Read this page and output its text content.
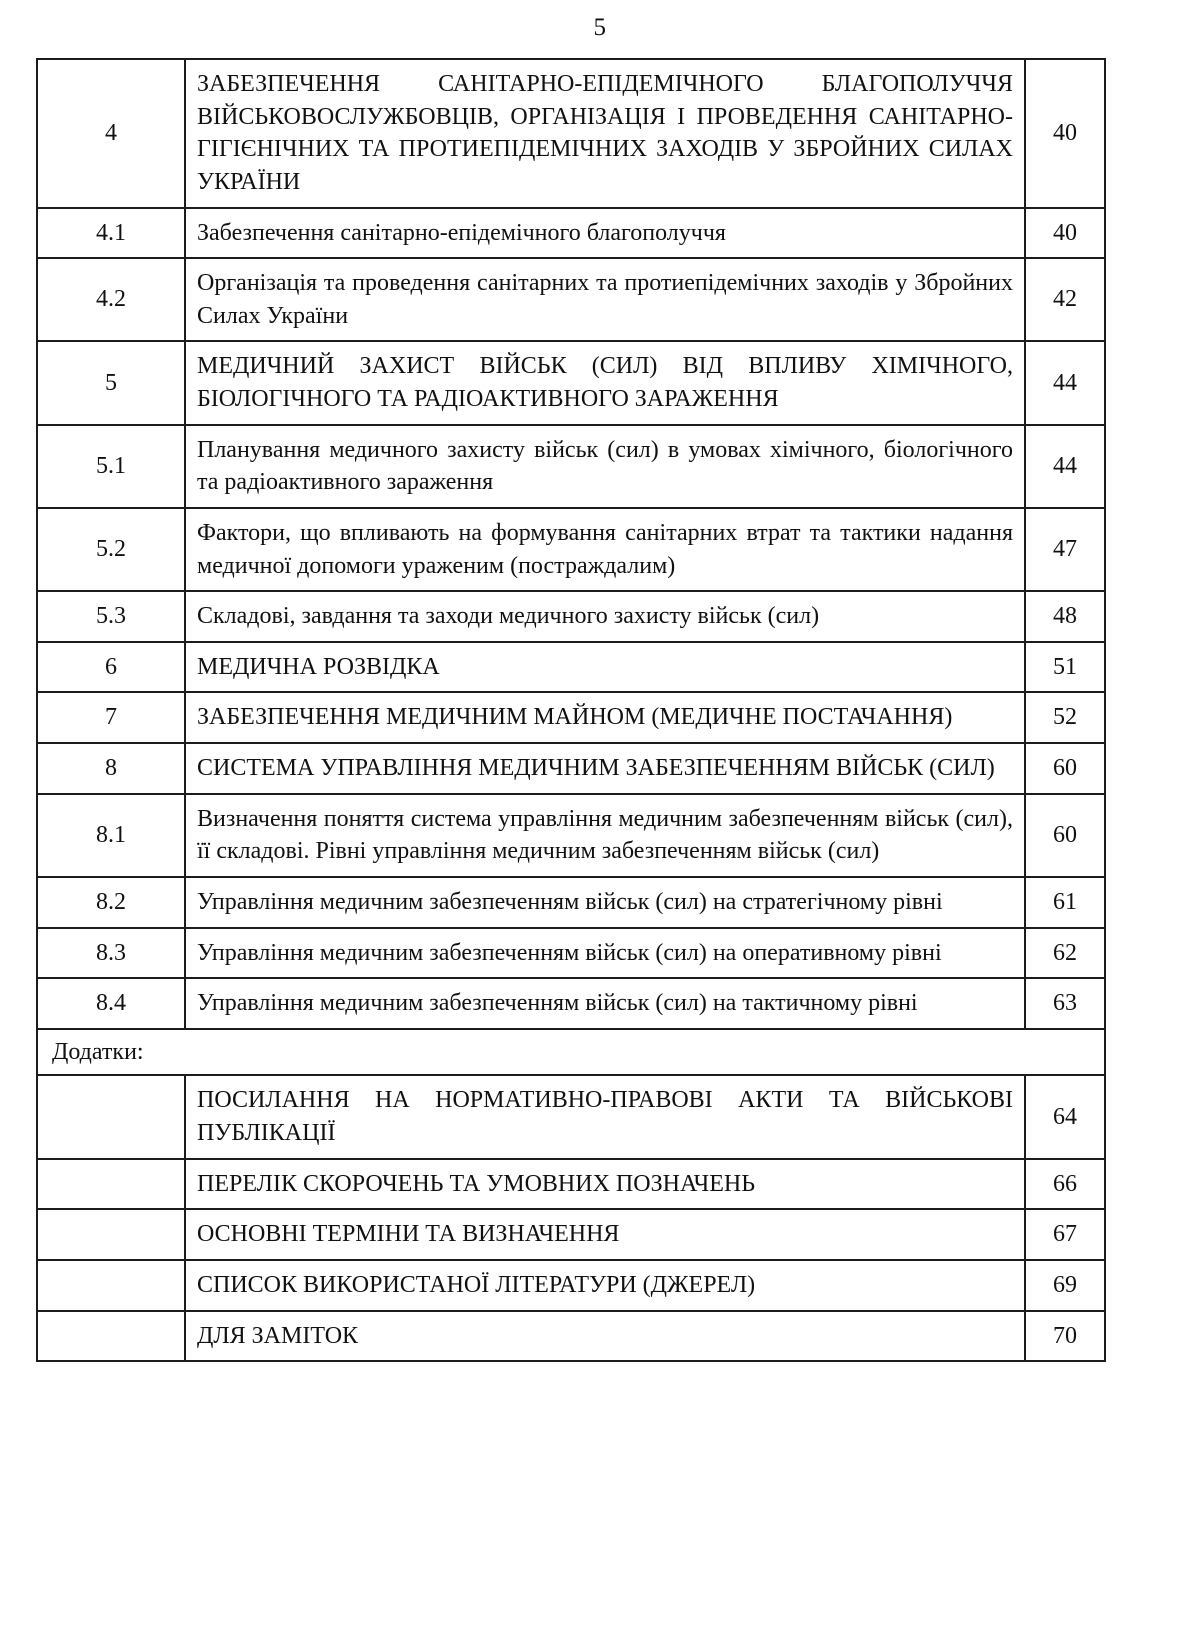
5
4	ЗАБЕЗПЕЧЕННЯ САНІТАРНО-ЕПІДЕМІЧНОГО БЛАГОПОЛУЧЧЯ ВІЙСЬКОВОСЛУЖБОВЦІВ, ОРГАНІЗАЦІЯ І ПРОВЕДЕННЯ САНІТАРНО-ГІГІЄНІЧНИХ ТА ПРОТИЕПІДЕМІЧНИХ ЗАХОДІВ У ЗБРОЙНИХ СИЛАХ УКРАЇНИ	40
4.1	Забезпечення санітарно-епідемічного благополуччя	40
4.2	Організація та проведення санітарних та протиепідемічних заходів у Збройних Силах України	42
5	МЕДИЧНИЙ ЗАХИСТ ВІЙСЬК (СИЛ) ВІД ВПЛИВУ ХІМІЧНОГО, БІОЛОГІЧНОГО ТА РАДІОАКТИВНОГО ЗАРАЖЕННЯ	44
5.1	Планування медичного захисту військ (сил) в умовах хімічного, біологічного та радіоактивного зараження	44
5.2	Фактори, що впливають на формування санітарних втрат та тактики надання медичної допомоги ураженим (постраждалим)	47
5.3	Складові, завдання та заходи медичного захисту військ (сил)	48
6	МЕДИЧНА РОЗВІДКА	51
7	ЗАБЕЗПЕЧЕННЯ МЕДИЧНИМ МАЙНОМ (МЕДИЧНЕ ПОСТАЧАННЯ)	52
8	СИСТЕМА УПРАВЛІННЯ МЕДИЧНИМ ЗАБЕЗПЕЧЕННЯМ ВІЙСЬК (СИЛ)	60
8.1	Визначення поняття система управління медичним забезпеченням військ (сил), її складові. Рівні управління медичним забезпеченням військ (сил)	60
8.2	Управління медичним забезпеченням військ (сил) на стратегічному рівні	61
8.3	Управління медичним забезпеченням військ (сил) на оперативному рівні	62
8.4	Управління медичним забезпеченням військ (сил) на тактичному рівні	63
Додатки:		
	ПОСИЛАННЯ НА НОРМАТИВНО-ПРАВОВІ АКТИ ТА ВІЙСЬКОВІ ПУБЛІКАЦІЇ	64
	ПЕРЕЛІК СКОРОЧЕНЬ ТА УМОВНИХ ПОЗНАЧЕНЬ	66
	ОСНОВНІ ТЕРМІНИ ТА ВИЗНАЧЕННЯ	67
	СПИСОК ВИКОРИСТАНОЇ ЛІТЕРАТУРИ (ДЖЕРЕЛ)	69
	ДЛЯ ЗАМІТОК	70
